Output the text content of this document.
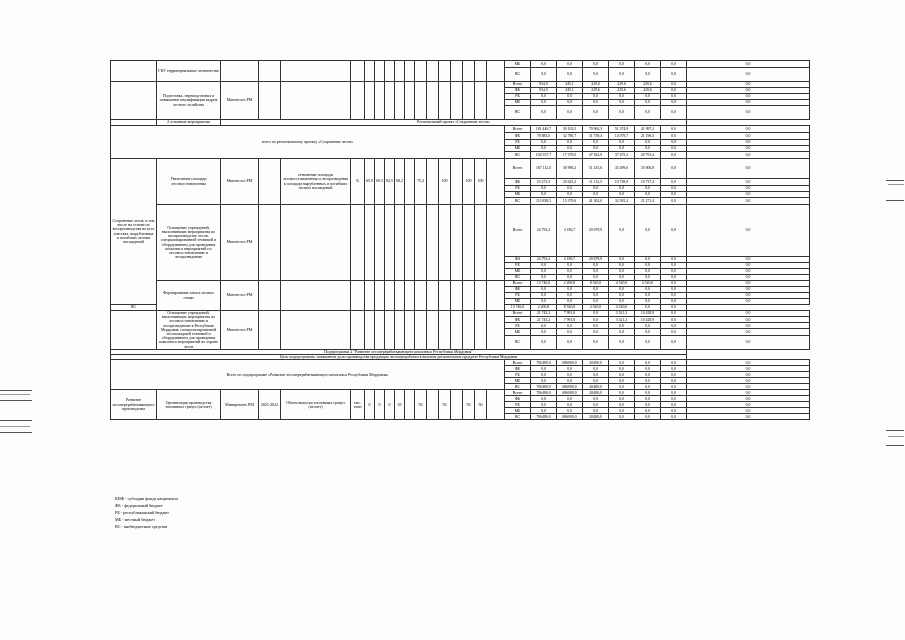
	ГКУ территориальные лесничества																	МБ	0,0	0,0	0,0	0,0	0,0	0,0	0,0
																		ВС	0,0	0,0	0,0	0,0	0,0	0,0	0,0
	Подготовка, переподготовка и повышение квалификации кадров лесного хозяйства	Минлесхоз РМ																Всего	934,9	245,1	229,6	229,6	229,6	0,0	0,0
																		ФБ	934,9	245,1	229,6	229,6	229,6	0,0	0,0
																		РБ	0,0	0,0	0,0	0,0	0,0	0,0	0,0
																		МБ	0,0	0,0	0,0	0,0	0,0	0,0	0,0
																		ВС	0,0	0,0	0,0	0,0	0,0	0,0	0,0
	2 основные мероприятия	Региональный проект «Сохранение лесов»																							
всего по региональному проекту «Сохранение лесов»																		Всего	181 440,7	50 103,5	79 962,3	51 374,9	41 997,2	0,0	0,0
																		ФБ	78 883,0	32 780,7	31 739,4	14 079,7	21 196,3	0,0	0,0
																		РБ	0,0	0,0	0,0	0,0	0,0	0,0	0,0
																		МБ	0,0	0,0	0,0	0,0	0,0	0,0	0,0
																		ВС	102 557,7	17 379,0	47 822,9	37 475,2	20 791,4	0,0	0,0
Сохранение лесов, в том числе на основе их воспроизводства на всех участках, вырубленных и погибших лесных насаждений	Увеличение площади лесовосстановления	Минлесхоз РМ		отношение площади лесовосстановления и лесоразведения к площади вырубленных и погибших лесных насаждений	%	65,9	69,3	82,5	68,2		75,2		100		100	100		Всего	167 112,0	36 990,2	51 415,6	43 499,6	35 006,8	0,0	0,0
																		ФБ	53 273,5	20 625,2	11 112,5	10 738,9	10 737,4	0,0	0,0
																		РБ	0,0	0,0	0,0	0,0	0,0	0,0	0,0
																		МБ	0,0	0,0	0,0	0,0	0,0	0,0	0,0
																		ВС	113 838,5	15 379,6	41 302,0	32 935,2	21 271,4	0,0	0,0
	Оснащение учреждений, выполняющих мероприятия по воспроизводству лесов, специализированной техникой и оборудованием для проведения комплекса мероприятий по лесовосстановлению и лесоразведению	Минлесхоз РМ																Всего	24 793,2	4 186,7	20 679,9	0,0	0,0	0,0	0,0
																		ФА	24 793,2	4 186,7	20 679,9	0,0	0,0	0,0	0,0
																		РБ	0,0	0,0	0,0	0,0	0,0	0,0	0,0
																		МБ	0,0	0,0	0,0	0,0	0,0	0,0	0,0
																		ВС	0,0	0,0	0,0	0,0	0,0	0,0	0,0
	Формирование запаса лесных семян	Минлесхоз РМ																Всего	13 746,0	2 200,8	8 520,0	4 520,0	4 520,0	0,0	0,0
																		ФБ	0,0	0,0	0,0	0,0	0,0	0,0	0,0
																		РБ	0,0	0,0	0,0	0,0	0,0	0,0	0,0
																		МБ	0,0	0,0	0,0	0,0	0,0	0,0	0,0
ВС																		13 746,0	2 200,8	8 520,0	4 520,0	4 520,0	0,0	0,0	
	Оснащение учреждений, выполняющих мероприятия по лесовосстановлению и лесоразведению в Республике Мордовия, специализированной лесопожарной техникой и оборудованием для проведения комплекса мероприятий по охране лесов	Минлесхоз РМ																Всего	21 743,2	7 991,8	0,0	3 321,3	10 428,9	0,0	0,0
																		ФБ	21 743,2	7 991,8	0,0	3 321,3	10 428,9	0,0	0,0
																		РБ	0,0	0,0	0,0	0,0	0,0	0,0	0,0
																		МБ	0,0	0,0	0,0	0,0	0,0	0,0	0,0
																		ВС	0,0	0,0	0,0	0,0	0,0	0,0	0,0
Подпрограмма 2 "Развитие лесоперерабатывающего комплекса Республики Мордовия"																									
Цель подпрограммы: повышение доли производства продукции лесопереработки в валовом региональном продукте Республики Мордовия																									
Всего по подпрограмме «Развитие лесоперерабатывающего комплекса Республики Мордовия»																		Всего	706480,0	686000,0	20480,0	0,0	0,0	0,0	0,0
																		ФБ	0,0	0,0	0,0	0,0	0,0	0,0	0,0
																		РБ	0,0	0,0	0,0	0,0	0,0	0,0	0,0
																		МБ	0,0	0,0	0,0	0,0	0,0	0,0	0,0
																		ВС	706480,0	686000,0	20480,0	0,0	0,0	0,0	0,0
Развитие лесоперерабатывающего производства	Организация производства топливных гранул (пеллет)	Минпромтех РМ	2021-2022	Объем выпуска топливных гранул (пеллет)	тыс. тонн	0	0	0	35		50		50		50	50		Всего	706480,0	686000,0	20480,0	0,0	0,0	0,0	0,0
																		ФБ	0,0	0,0	0,0	0,0	0,0	0,0	0,0
																		РБ	0,0	0,0	0,0	0,0	0,0	0,0	0,0
																		МБ	0,0	0,0	0,0	0,0	0,0	0,0	0,0
																		ВС	706480,0	686000,0	20480,0	0,0	0,0	0,0	0,0
КИФ - субсидии фонда капремонта
ФБ - федеральный бюджет
РБ - республиканский бюджет
МБ - местный бюджет
ВС - внебюджетные средства
